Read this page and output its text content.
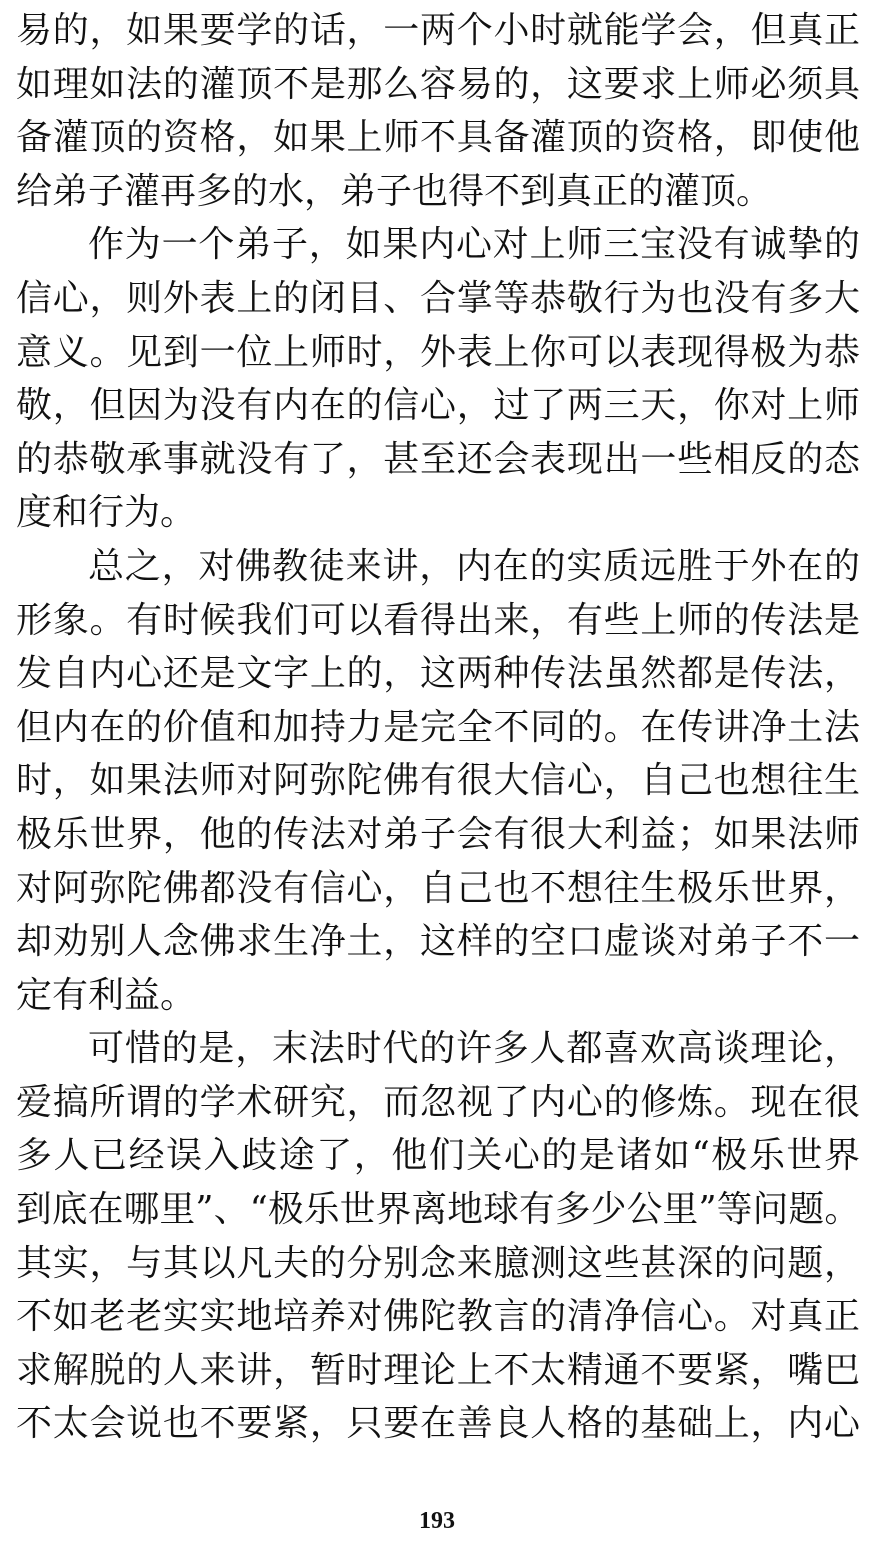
易的，如果要学的话，一两个小时就能学会，但真正
如理如法的灌顶不是那么容易的，这要求上师必须具
备灌顶的资格，如果上师不具备灌顶的资格，即使他
给弟子灌再多的水，弟子也得不到真正的灌顶。
作为一个弟子，如果内心对上师三宝没有诚挚的
信心，则外表上的闭目、合掌等恭敬行为也没有多大
意义。见到一位上师时，外表上你可以表现得极为恭
敬，但因为没有内在的信心，过了两三天，你对上师
的恭敬承事就没有了，甚至还会表现出一些相反的态
度和行为。
总之，对佛教徒来讲，内在的实质远胜于外在的
形象。有时候我们可以看得出来，有些上师的传法是
发自内心还是文字上的，这两种传法虽然都是传法，
但内在的价值和加持力是完全不同的。在传讲净土法
时，如果法师对阿弥陀佛有很大信心，自己也想往生
极乐世界，他的传法对弟子会有很大利益；如果法师
对阿弥陀佛都没有信心，自己也不想往生极乐世界，
却劝别人念佛求生净土，这样的空口虚谈对弟子不一
定有利益。
可惜的是，末法时代的许多人都喜欢高谈理论，
爱搞所谓的学术研究，而忽视了内心的修炼。现在很
多人已经误入歧途了，他们关心的是诸如“极乐世界
到底在哪里”、“极乐世界离地球有多少公里”等问题。
其实，与其以凡夫的分别念来臆测这些甚深的问题，
不如老老实实地培养对佛陀教言的清净信心。对真正
求解脱的人来讲，暂时理论上不太精通不要紧，嘴巴
不太会说也不要紧，只要在善良人格的基础上，内心
193
